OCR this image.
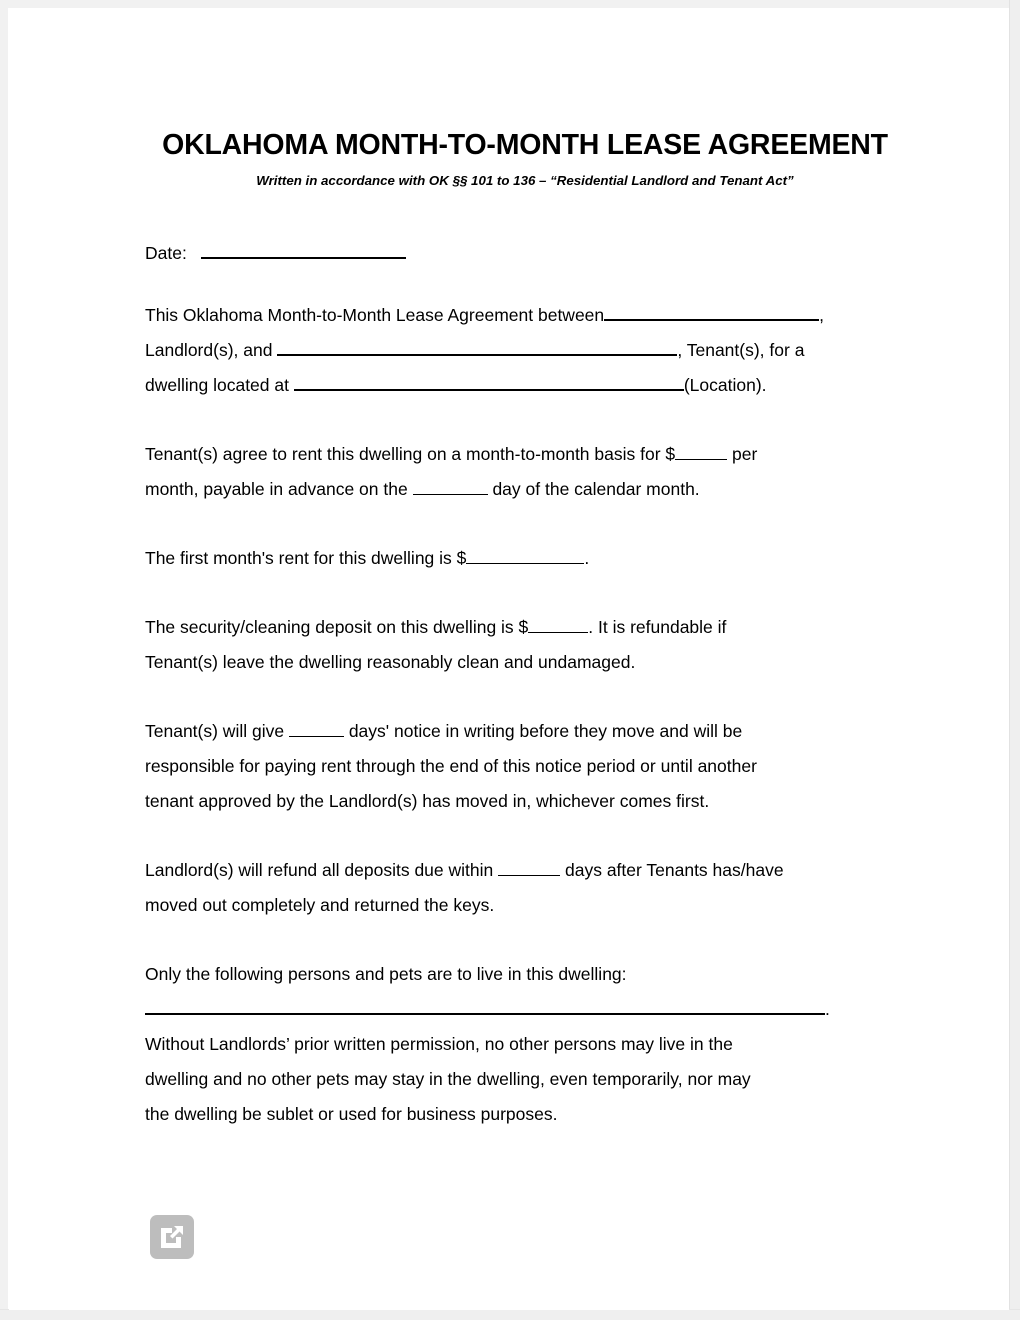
OKLAHOMA MONTH-TO-MONTH LEASE AGREEMENT
Written in accordance with OK §§ 101 to 136 – “Residential Landlord and Tenant Act”
Date:

This Oklahoma Month-to-Month Lease Agreement between	,
Landlord(s), and	, Tenant(s), for a
dwelling located at	(Location).

Tenant(s) agree to rent this dwelling on a month-to-month basis for $	per
month, payable in advance on the	day of the calendar month.

The first month's rent for this dwelling is $	.

The security/cleaning deposit on this dwelling is $	. It is refundable if
Tenant(s) leave the dwelling reasonably clean and undamaged.

Tenant(s) will give	days' notice in writing before they move and will be
responsible for paying rent through the end of this notice period or until another
tenant approved by the Landlord(s) has moved in, whichever comes first.

Landlord(s) will refund all deposits due within	days after Tenants has/have
moved out completely and returned the keys.

Only the following persons and pets are to live in this dwelling:
.
Without Landlords’ prior written permission, no other persons may live in the
dwelling and no other pets may stay in the dwelling, even temporarily, nor may
the dwelling be sublet or used for business purposes.
